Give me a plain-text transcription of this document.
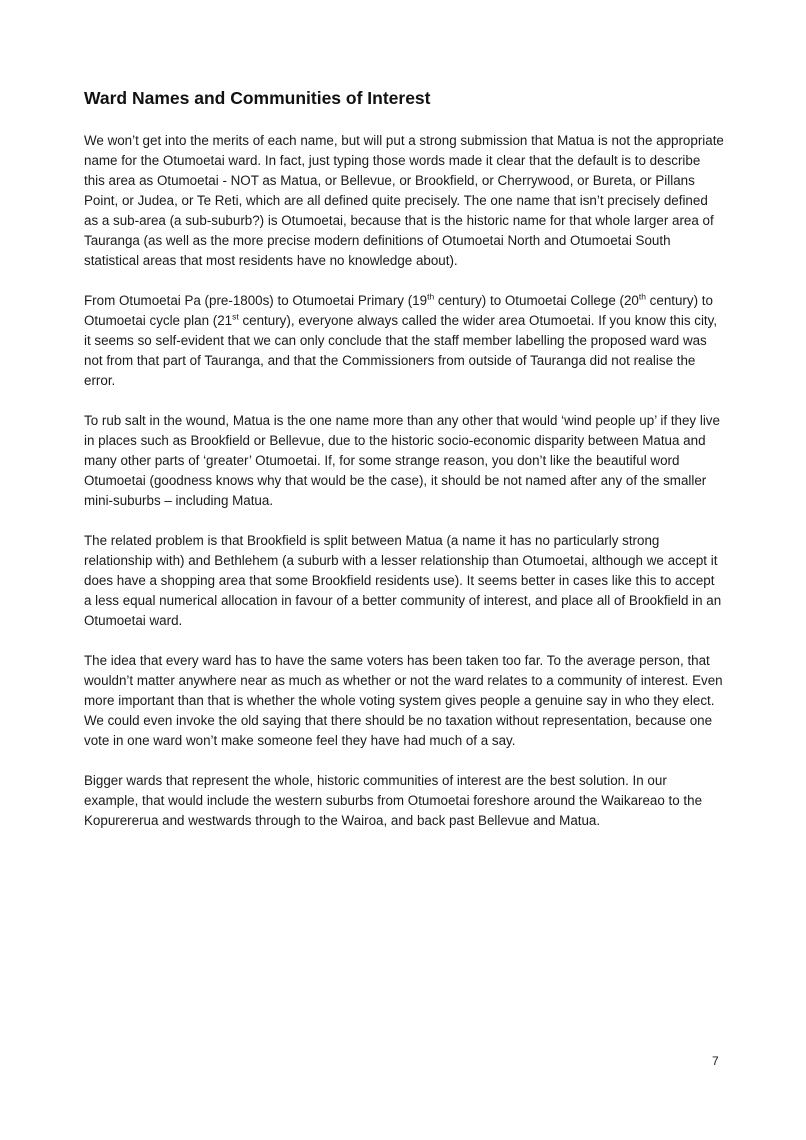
Ward Names and Communities of Interest

We won’t get into the merits of each name, but will put a strong submission that Matua is not the appropriate name for the Otumoetai ward. In fact, just typing those words made it clear that the default is to describe this area as Otumoetai - NOT as Matua, or Bellevue, or Brookfield, or Cherrywood, or Bureta, or Pillans Point, or Judea, or Te Reti, which are all defined quite precisely. The one name that isn’t precisely defined as a sub-area (a sub-suburb?) is Otumoetai, because that is the historic name for that whole larger area of Tauranga (as well as the more precise modern definitions of Otumoetai North and Otumoetai South statistical areas that most residents have no knowledge about).

From Otumoetai Pa (pre-1800s) to Otumoetai Primary (19th century) to Otumoetai College (20th century) to Otumoetai cycle plan (21st century), everyone always called the wider area Otumoetai. If you know this city, it seems so self-evident that we can only conclude that the staff member labelling the proposed ward was not from that part of Tauranga, and that the Commissioners from outside of Tauranga did not realise the error.

To rub salt in the wound, Matua is the one name more than any other that would ‘wind people up’ if they live in places such as Brookfield or Bellevue, due to the historic socio-economic disparity between Matua and many other parts of ‘greater’ Otumoetai. If, for some strange reason, you don’t like the beautiful word Otumoetai (goodness knows why that would be the case), it should be not named after any of the smaller mini-suburbs – including Matua.

The related problem is that Brookfield is split between Matua (a name it has no particularly strong relationship with) and Bethlehem (a suburb with a lesser relationship than Otumoetai, although we accept it does have a shopping area that some Brookfield residents use). It seems better in cases like this to accept a less equal numerical allocation in favour of a better community of interest, and place all of Brookfield in an Otumoetai ward.

The idea that every ward has to have the same voters has been taken too far. To the average person, that wouldn’t matter anywhere near as much as whether or not the ward relates to a community of interest. Even more important than that is whether the whole voting system gives people a genuine say in who they elect. We could even invoke the old saying that there should be no taxation without representation, because one vote in one ward won’t make someone feel they have had much of a say.

Bigger wards that represent the whole, historic communities of interest are the best solution. In our example, that would include the western suburbs from Otumoetai foreshore around the Waikareao to the Kopurererua and westwards through to the Wairoa, and back past Bellevue and Matua.

7
